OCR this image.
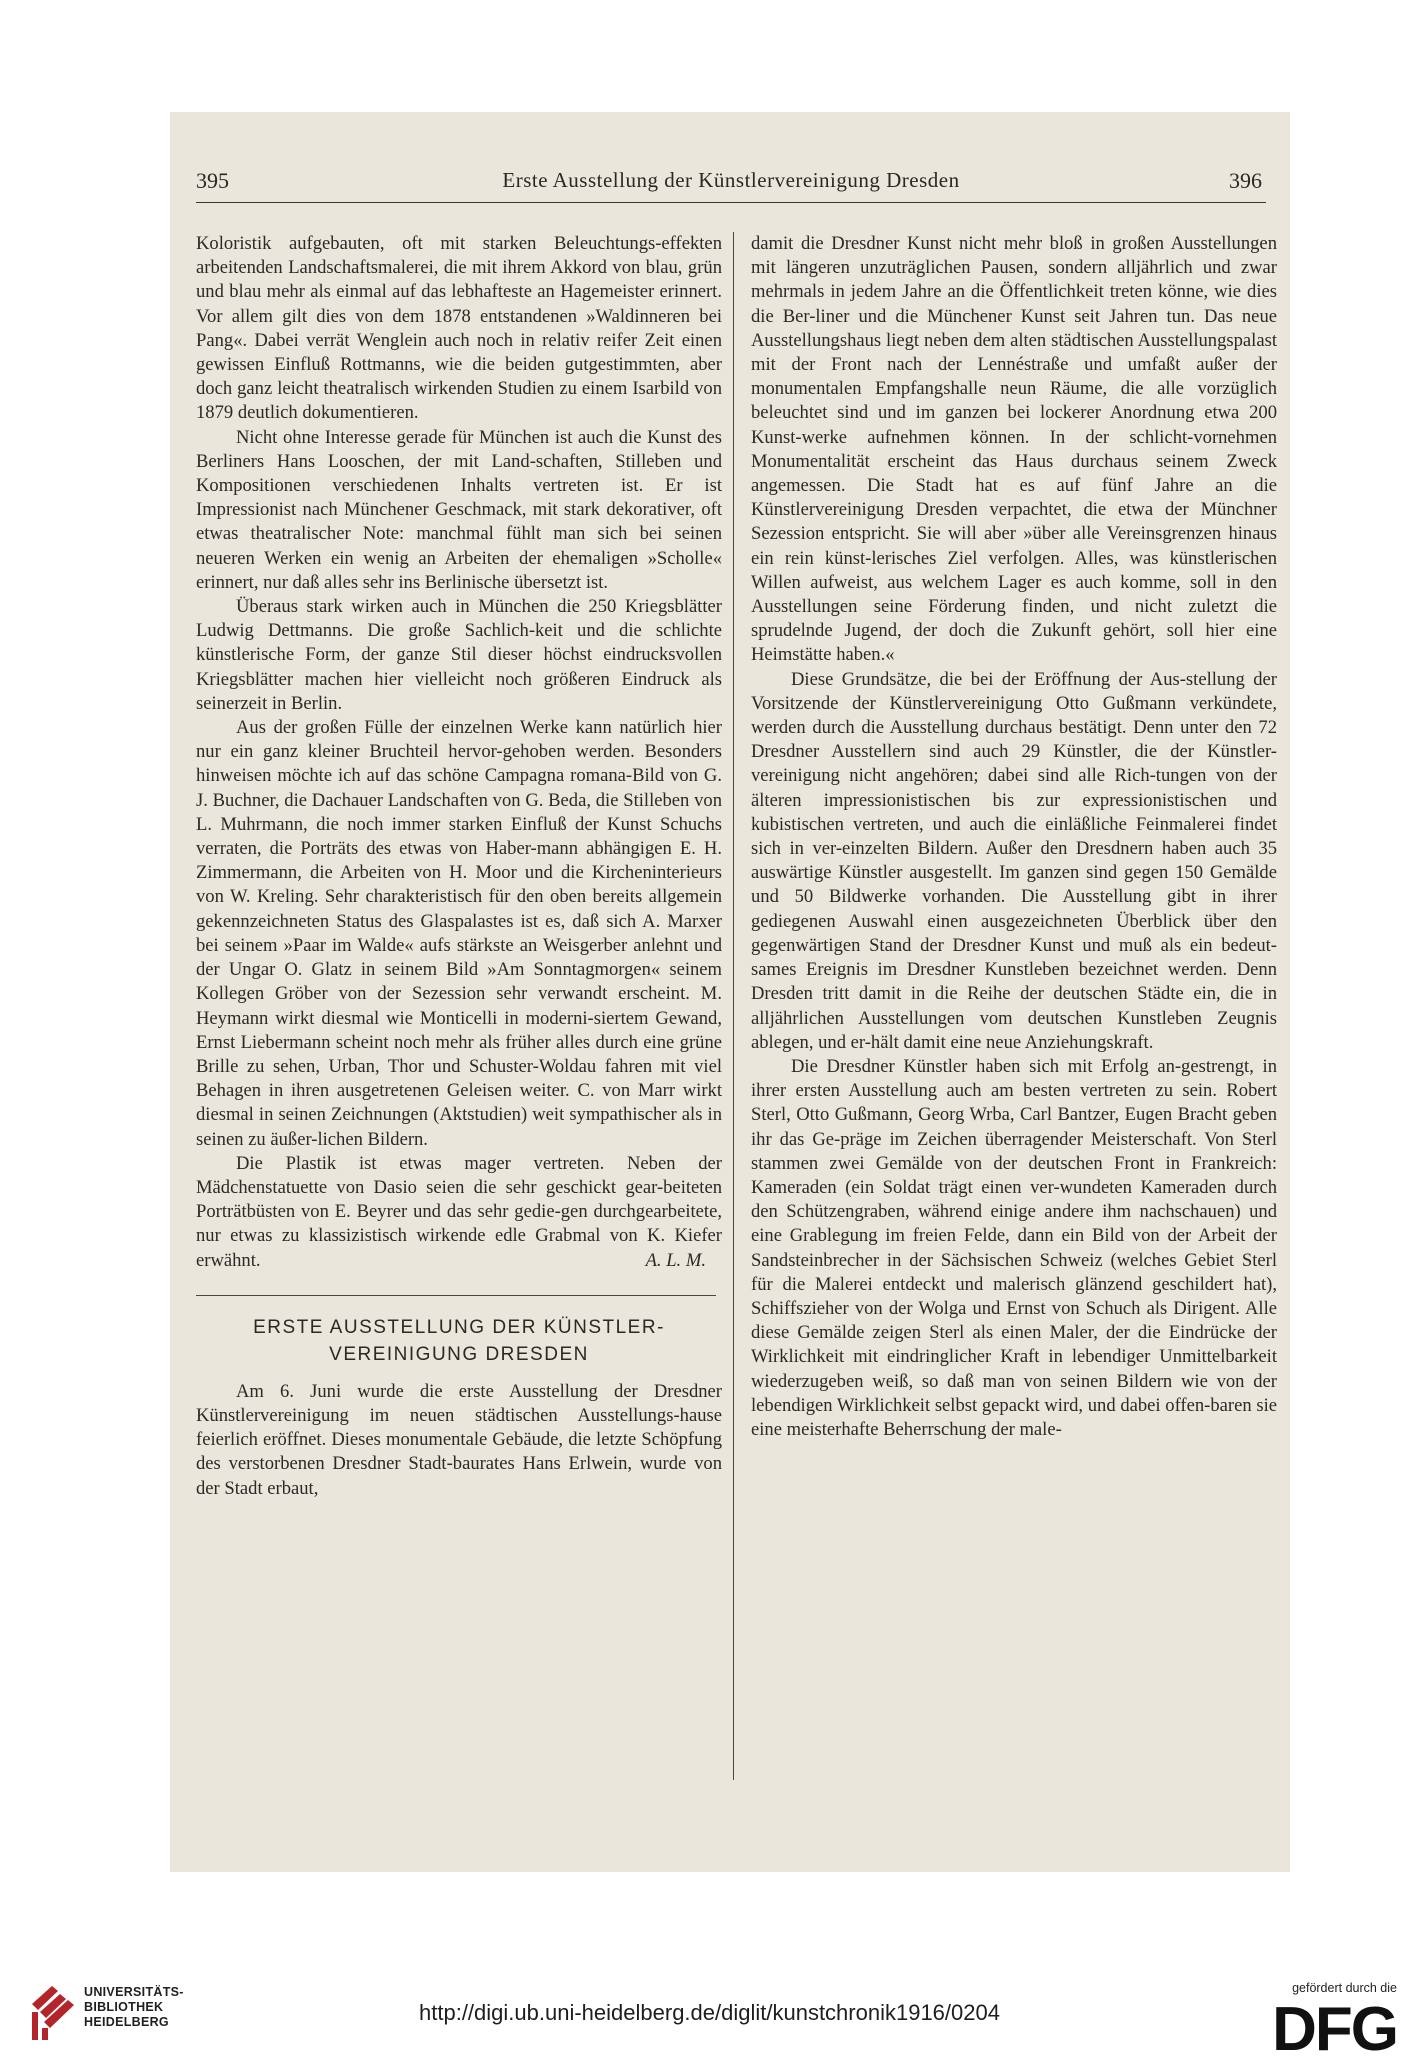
395	Erste Ausstellung der Künstlervereinigung Dresden	396

Koloristik aufgebauten, oft mit starken Beleuchtungs-effekten arbeitenden Landschaftsmalerei, die mit ihrem Akkord von blau, grün und blau mehr als einmal auf das lebhafteste an Hagemeister erinnert. Vor allem gilt dies von dem 1878 entstandenen »Waldinneren bei Pang«. Dabei verrät Wenglein auch noch in relativ reifer Zeit einen gewissen Einfluß Rottmanns, wie die beiden gutgestimmten, aber doch ganz leicht theatralisch wirkenden Studien zu einem Isarbild von 1879 deutlich dokumentieren.

Nicht ohne Interesse gerade für München ist auch die Kunst des Berliners Hans Looschen, der mit Land-schaften, Stilleben und Kompositionen verschiedenen Inhalts vertreten ist. Er ist Impressionist nach Münchener Geschmack, mit stark dekorativer, oft etwas theatralischer Note: manchmal fühlt man sich bei seinen neueren Werken ein wenig an Arbeiten der ehemaligen »Scholle« erinnert, nur daß alles sehr ins Berlinische übersetzt ist.

Überaus stark wirken auch in München die 250 Kriegsblätter Ludwig Dettmanns. Die große Sachlich-keit und die schlichte künstlerische Form, der ganze Stil dieser höchst eindrucksvollen Kriegsblätter machen hier vielleicht noch größeren Eindruck als seinerzeit in Berlin.

Aus der großen Fülle der einzelnen Werke kann natürlich hier nur ein ganz kleiner Bruchteil hervor-gehoben werden. Besonders hinweisen möchte ich auf das schöne Campagna romana-Bild von G. J. Buchner, die Dachauer Landschaften von G. Beda, die Stilleben von L. Muhrmann, die noch immer starken Einfluß der Kunst Schuchs verraten, die Porträts des etwas von Haber-mann abhängigen E. H. Zimmermann, die Arbeiten von H. Moor und die Kircheninterieurs von W. Kreling. Sehr charakteristisch für den oben bereits allgemein gekennzeichneten Status des Glaspalastes ist es, daß sich A. Marxer bei seinem »Paar im Walde« aufs stärkste an Weisgerber anlehnt und der Ungar O. Glatz in seinem Bild »Am Sonntagmorgen« seinem Kollegen Gröber von der Sezession sehr verwandt erscheint. M. Heymann wirkt diesmal wie Monticelli in moderni-siertem Gewand, Ernst Liebermann scheint noch mehr als früher alles durch eine grüne Brille zu sehen, Urban, Thor und Schuster-Woldau fahren mit viel Behagen in ihren ausgetretenen Geleisen weiter. C. von Marr wirkt diesmal in seinen Zeichnungen (Aktstudien) weit sympathischer als in seinen zu äußer-lichen Bildern.

Die Plastik ist etwas mager vertreten. Neben der Mädchenstatuette von Dasio seien die sehr geschickt gear-beiteten Porträtbüsten von E. Beyrer und das sehr gedie-gen durchgearbeitete, nur etwas zu klassizistisch wirkende edle Grabmal von K. Kiefer erwähnt.	A. L. M.

ERSTE AUSSTELLUNG DER KÜNSTLER-
VEREINIGUNG DRESDEN

Am 6. Juni wurde die erste Ausstellung der Dresdner Künstlervereinigung im neuen städtischen Ausstellungs-hause feierlich eröffnet. Dieses monumentale Gebäude, die letzte Schöpfung des verstorbenen Dresdner Stadt-baurates Hans Erlwein, wurde von der Stadt erbaut,

damit die Dresdner Kunst nicht mehr bloß in großen Ausstellungen mit längeren unzuträglichen Pausen, sondern alljährlich und zwar mehrmals in jedem Jahre an die Öffentlichkeit treten könne, wie dies die Ber-liner und die Münchener Kunst seit Jahren tun. Das neue Ausstellungshaus liegt neben dem alten städtischen Ausstellungspalast mit der Front nach der Lennéstraße und umfaßt außer der monumentalen Empfangshalle neun Räume, die alle vorzüglich beleuchtet sind und im ganzen bei lockerer Anordnung etwa 200 Kunst-werke aufnehmen können. In der schlicht-vornehmen Monumentalität erscheint das Haus durchaus seinem Zweck angemessen. Die Stadt hat es auf fünf Jahre an die Künstlervereinigung Dresden verpachtet, die etwa der Münchner Sezession entspricht. Sie will aber »über alle Vereinsgrenzen hinaus ein rein künst-lerisches Ziel verfolgen. Alles, was künstlerischen Willen aufweist, aus welchem Lager es auch komme, soll in den Ausstellungen seine Förderung finden, und nicht zuletzt die sprudelnde Jugend, der doch die Zukunft gehört, soll hier eine Heimstätte haben.«

Diese Grundsätze, die bei der Eröffnung der Aus-stellung der Vorsitzende der Künstlervereinigung Otto Gußmann verkündete, werden durch die Ausstellung durchaus bestätigt. Denn unter den 72 Dresdner Ausstellern sind auch 29 Künstler, die der Künstler-vereinigung nicht angehören; dabei sind alle Rich-tungen von der älteren impressionistischen bis zur expressionistischen und kubistischen vertreten, und auch die einläßliche Feinmalerei findet sich in ver-einzelten Bildern. Außer den Dresdnern haben auch 35 auswärtige Künstler ausgestellt. Im ganzen sind gegen 150 Gemälde und 50 Bildwerke vorhanden. Die Ausstellung gibt in ihrer gediegenen Auswahl einen ausgezeichneten Überblick über den gegenwärtigen Stand der Dresdner Kunst und muß als ein bedeut-sames Ereignis im Dresdner Kunstleben bezeichnet werden. Denn Dresden tritt damit in die Reihe der deutschen Städte ein, die in alljährlichen Ausstellungen vom deutschen Kunstleben Zeugnis ablegen, und er-hält damit eine neue Anziehungskraft.

Die Dresdner Künstler haben sich mit Erfolg an-gestrengt, in ihrer ersten Ausstellung auch am besten vertreten zu sein. Robert Sterl, Otto Gußmann, Georg Wrba, Carl Bantzer, Eugen Bracht geben ihr das Ge-präge im Zeichen überragender Meisterschaft. Von Sterl stammen zwei Gemälde von der deutschen Front in Frankreich: Kameraden (ein Soldat trägt einen ver-wundeten Kameraden durch den Schützengraben, während einige andere ihm nachschauen) und eine Grablegung im freien Felde, dann ein Bild von der Arbeit der Sandsteinbrecher in der Sächsischen Schweiz (welches Gebiet Sterl für die Malerei entdeckt und malerisch glänzend geschildert hat), Schiffszieher von der Wolga und Ernst von Schuch als Dirigent. Alle diese Gemälde zeigen Sterl als einen Maler, der die Eindrücke der Wirklichkeit mit eindringlicher Kraft in lebendiger Unmittelbarkeit wiederzugeben weiß, so daß man von seinen Bildern wie von der lebendigen Wirklichkeit selbst gepackt wird, und dabei offen-baren sie eine meisterhafte Beherrschung der male-

UNIVERSITÄTS-
BIBLIOTHEK
HEIDELBERG	http://digi.ub.uni-heidelberg.de/diglit/kunstchronik1916/0204
gefördert durch die
DFG
